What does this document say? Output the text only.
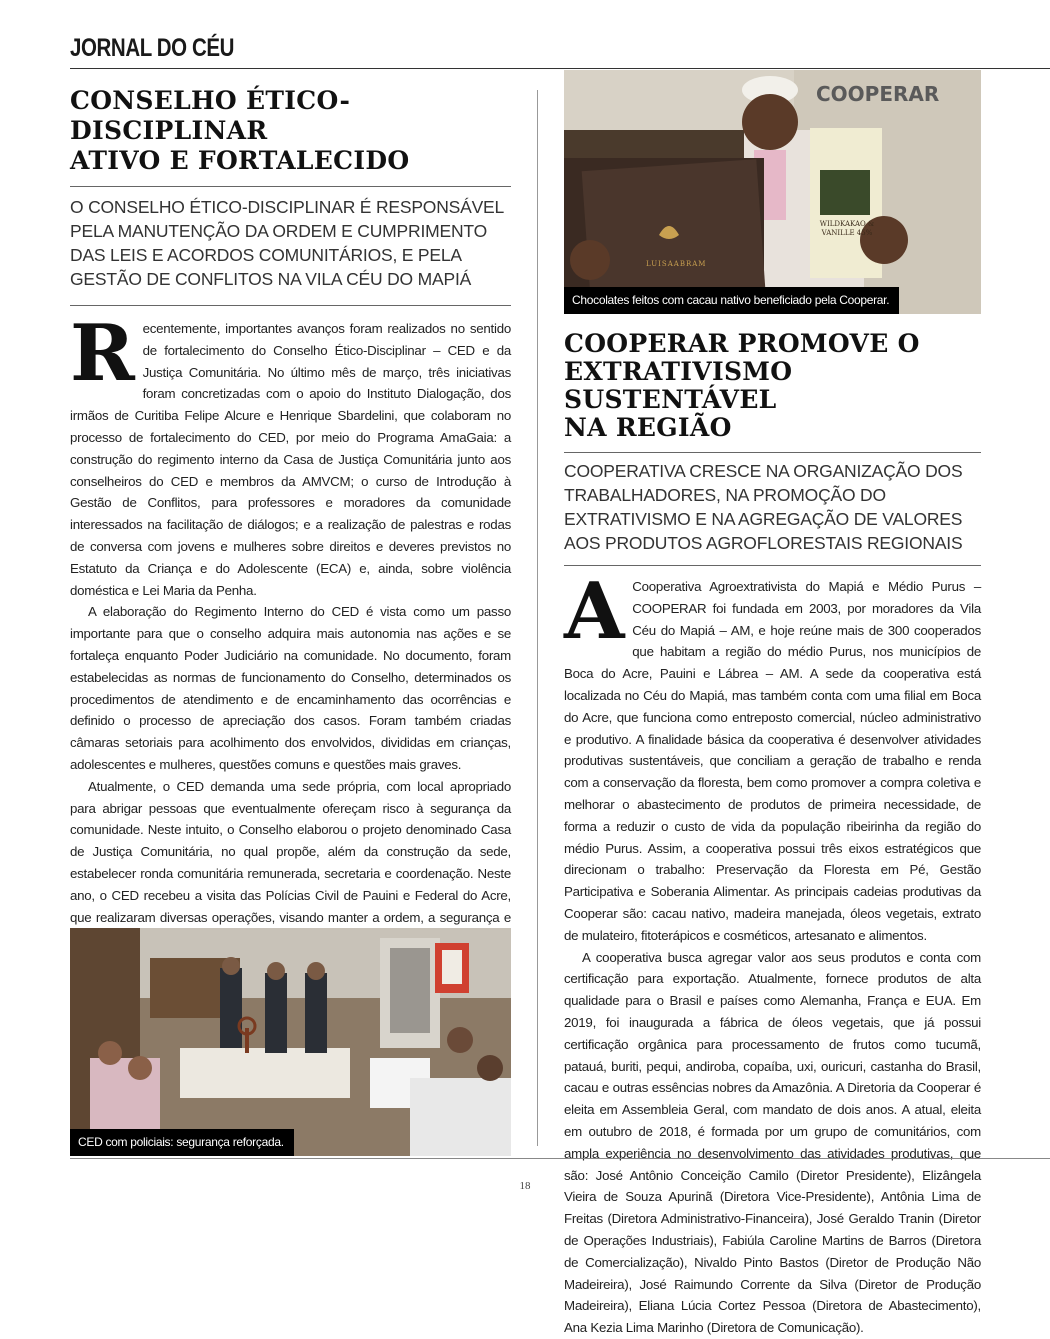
JORNAL DO CÉU
CONSELHO ÉTICO-DISCIPLINAR
ATIVO E FORTALECIDO

O CONSELHO ÉTICO-DISCIPLINAR É RESPONSÁVEL PELA MANUTENÇÃO DA ORDEM E CUMPRIMENTO DAS LEIS E ACORDOS COMUNITÁRIOS, E PELA GESTÃO DE CONFLITOS NA VILA CÉU DO MAPIÁ

Recentemente, importantes avanços foram realizados no sentido de fortalecimento do Conselho Ético-Disciplinar – CED e da Justiça Comunitária. No último mês de março, três iniciativas foram concretizadas com o apoio do Instituto Dialogação, dos irmãos de Curitiba Felipe Alcure e Henrique Sbardelini, que colaboram no processo de fortalecimento do CED, por meio do Programa AmaGaia: a construção do regimento interno da Casa de Justiça Comunitária junto aos conselheiros do CED e membros da AMVCM; o curso de Introdução à Gestão de Conflitos, para professores e moradores da comunidade interessados na facilitação de diálogos; e a realização de palestras e rodas de conversa com jovens e mulheres sobre direitos e deveres previstos no Estatuto da Criança e do Adolescente (ECA) e, ainda, sobre violência doméstica e Lei Maria da Penha.

A elaboração do Regimento Interno do CED é vista como um passo importante para que o conselho adquira mais autonomia nas ações e se fortaleça enquanto Poder Judiciário na comunidade. No documento, foram estabelecidas as normas de funcionamento do Conselho, determinados os procedimentos de atendimento e de encaminhamento das ocorrências e definido o processo de apreciação dos casos. Foram também criadas câmaras setoriais para acolhimento dos envolvidos, divididas em crianças, adolescentes e mulheres, questões comuns e questões mais graves.

Atualmente, o CED demanda uma sede própria, com local apropriado para abrigar pessoas que eventualmente ofereçam risco à segurança da comunidade. Neste intuito, o Conselho elaborou o projeto denominado Casa de Justiça Comunitária, no qual propõe, além da construção da sede, estabelecer ronda comunitária remunerada, secretaria e coordenação. Neste ano, o CED recebeu a visita das Polícias Civil de Pauini e Federal do Acre, que realizaram diversas operações, visando manter a ordem, a segurança e

CED com policiais: segurança reforçada.
COOPERAR
LUISAABRAM
WILDKAKAO & VANILLE 45%
Chocolates feitos com cacau nativo beneficiado pela Cooperar.
COOPERAR PROMOVE O
EXTRATIVISMO SUSTENTÁVEL
NA REGIÃO

COOPERATIVA CRESCE NA ORGANIZAÇÃO DOS TRABALHADORES, NA PROMOÇÃO DO EXTRATIVISMO E NA AGREGAÇÃO DE VALORES AOS PRODUTOS AGROFLORESTAIS REGIONAIS

A Cooperativa Agroextrativista do Mapiá e Médio Purus – COOPERAR foi fundada em 2003, por moradores da Vila Céu do Mapiá – AM, e hoje reúne mais de 300 cooperados que habitam a região do médio Purus, nos municípios de Boca do Acre, Pauini e Lábrea – AM. A sede da cooperativa está localizada no Céu do Mapiá, mas também conta com uma filial em Boca do Acre, que funciona como entreposto comercial, núcleo administrativo e produtivo. A finalidade básica da cooperativa é desenvolver atividades produtivas sustentáveis, que conciliam a geração de trabalho e renda com a conservação da floresta, bem como promover a compra coletiva e melhorar o abastecimento de produtos de primeira necessidade, de forma a reduzir o custo de vida da população ribeirinha da região do médio Purus. Assim, a cooperativa possui três eixos estratégicos que direcionam o trabalho: Preservação da Floresta em Pé, Gestão Participativa e Soberania Alimentar. As principais cadeias produtivas da Cooperar são: cacau nativo, madeira manejada, óleos vegetais, extrato de mulateiro, fitoterápicos e cosméticos, artesanato e alimentos.

A cooperativa busca agregar valor aos seus produtos e conta com certificação para exportação. Atualmente, fornece produtos de alta qualidade para o Brasil e países como Alemanha, França e EUA. Em 2019, foi inaugurada a fábrica de óleos vegetais, que já possui certificação orgânica para processamento de frutos como tucumã, patauá, buriti, pequi, andiroba, copaíba, uxi, ouricuri, castanha do Brasil, cacau e outras essências nobres da Amazônia. A Diretoria da Cooperar é eleita em Assembleia Geral, com mandato de dois anos. A atual, eleita em outubro de 2018, é formada por um grupo de comunitários, com ampla experiência no desenvolvimento das atividades produtivas, que são: José Antônio Conceição Camilo (Diretor Presidente), Elizângela Vieira de Souza Apurinã (Diretora Vice-Presidente), Antônia Lima de Freitas (Diretora Administrativo-Financeira), José Geraldo Tranin (Diretor de Operações Industriais), Fabiúla Caroline Martins de Barros (Diretora de Comercialização), Nivaldo Pinto Bastos (Diretor de Produção Não Madeireira), José Raimundo Corrente da Silva (Diretor de Produção Madeireira), Eliana Lúcia Cortez Pessoa (Diretora de Abastecimento), Ana Kezia Lima Marinho (Diretora de Comunicação).

18
